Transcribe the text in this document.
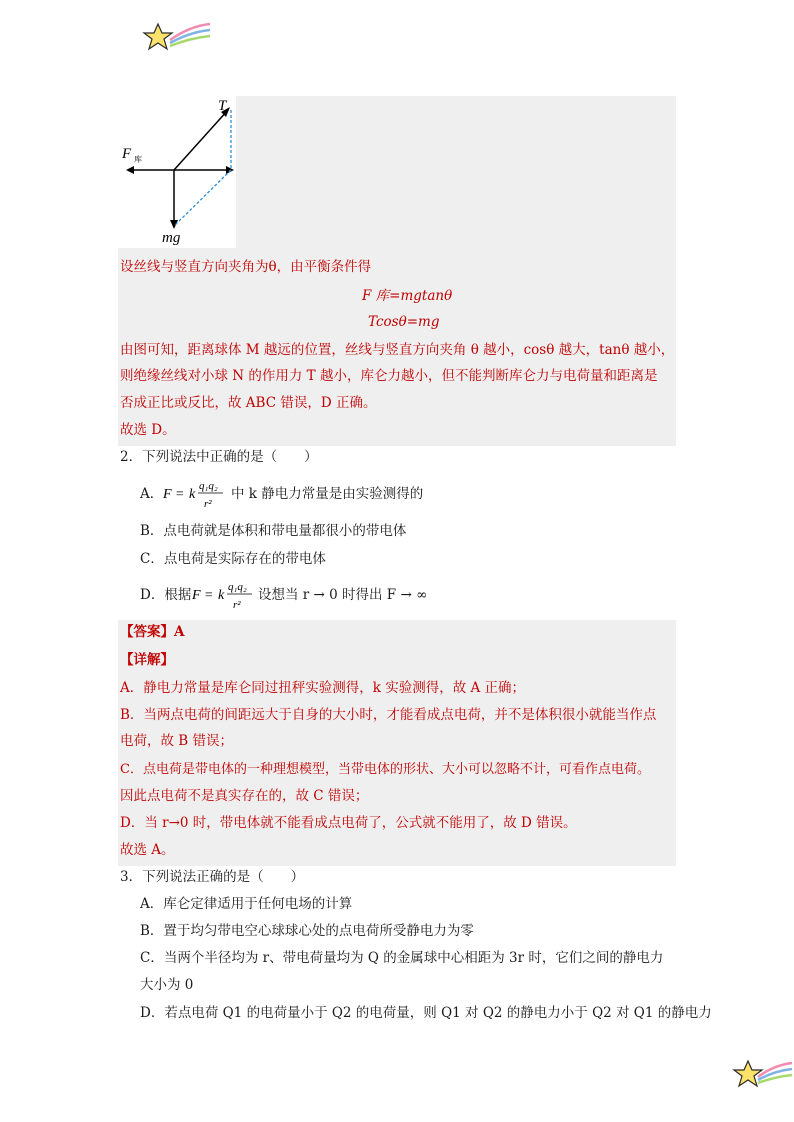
T
F 库
mg
设丝线与竖直方向夹角为θ，由平衡条件得
F 库=mgtanθ
Tcosθ=mg
由图可知，距离球体 M 越远的位置，丝线与竖直方向夹角 θ 越小，cosθ 越大，tanθ 越小，
则绝缘丝线对小球 N 的作用力 T 越小，库仑力越小，但不能判断库仑力与电荷量和距离是
否成正比或反比，故 ABC 错误，D 正确。
故选 D。
2．下列说法中正确的是（　　）
A． F = k
q₁q₂
r²
中 k 静电力常量是由实验测得的
B．点电荷就是体积和带电量都很小的带电体
C．点电荷是实际存在的带电体
D．根据 F = k
q₁q₂
r²
设想当 r → 0 时得出 F → ∞
【答案】A
【详解】
A．静电力常量是库仑同过扭秤实验测得，k 实验测得，故 A 正确；
B．当两点电荷的间距远大于自身的大小时，才能看成点电荷，并不是体积很小就能当作点
电荷，故 B 错误；
C．点电荷是带电体的一种理想模型，当带电体的形状、大小可以忽略不计，可看作点电荷。
因此点电荷不是真实存在的，故 C 错误；
D．当 r→0 时，带电体就不能看成点电荷了，公式就不能用了，故 D 错误。
故选 A。
3．下列说法正确的是（　　）
A．库仑定律适用于任何电场的计算
B．置于均匀带电空心球球心处的点电荷所受静电力为零
C．当两个半径均为 r、带电荷量均为 Q 的金属球中心相距为 3r 时，它们之间的静电力
大小为 0
D．若点电荷 Q1 的电荷量小于 Q2 的电荷量，则 Q1 对 Q2 的静电力小于 Q2 对 Q1 的静电力
